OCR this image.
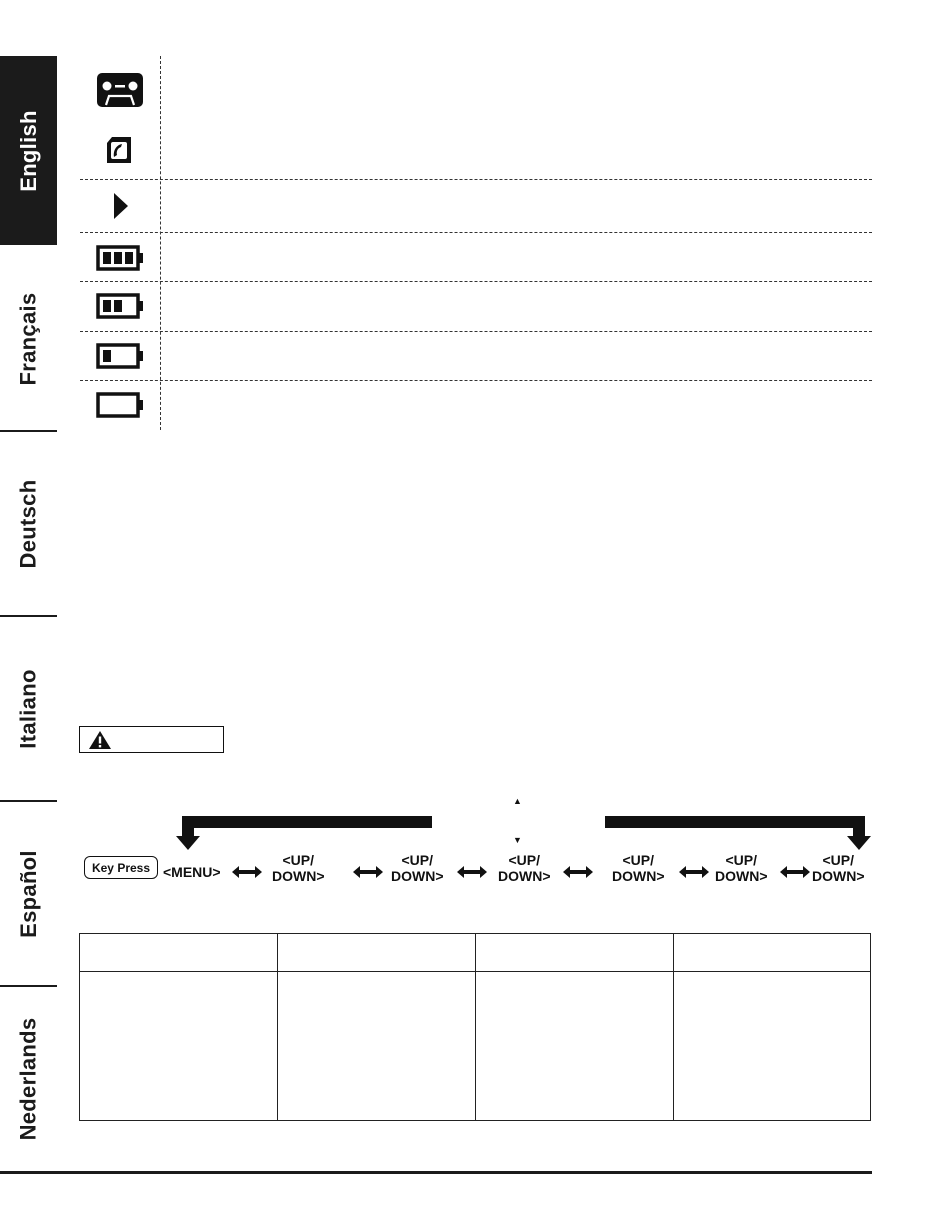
English
Français
Deutsch
Italiano
Español
Nederlands
▲
▼
Key Press <MENU>
<UP/
DOWN>
<UP/
DOWN>
<UP/
DOWN>
<UP/
DOWN>
<UP/
DOWN>
<UP/
DOWN>
